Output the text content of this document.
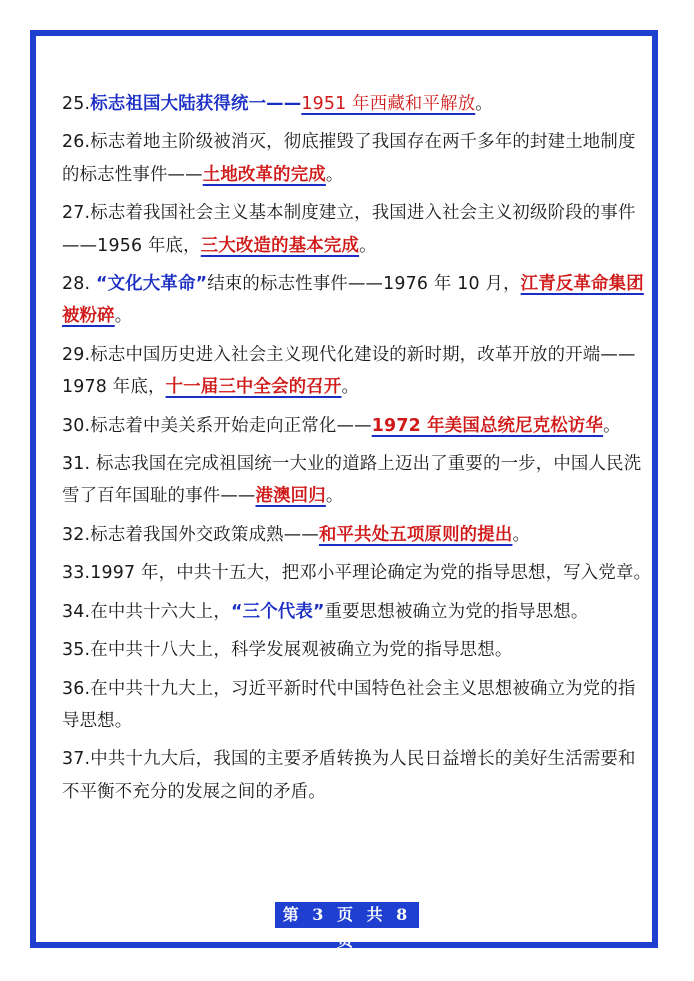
25.标志祖国大陆获得统一——1951 年西藏和平解放。

26.标志着地主阶级被消灭，彻底摧毁了我国存在两千多年的封建土地制度的标志性事件——土地改革的完成。

27.标志着我国社会主义基本制度建立，我国进入社会主义初级阶段的事件——1956 年底，三大改造的基本完成。

28. “文化大革命”结束的标志性事件——1976 年 10 月，江青反革命集团被粉碎。

29.标志中国历史进入社会主义现代化建设的新时期，改革开放的开端——1978 年底，十一届三中全会的召开。

30.标志着中美关系开始走向正常化——1972 年美国总统尼克松访华。

31. 标志我国在完成祖国统一大业的道路上迈出了重要的一步，中国人民洗雪了百年国耻的事件——港澳回归。

32.标志着我国外交政策成熟——和平共处五项原则的提出。

33.1997 年，中共十五大，把邓小平理论确定为党的指导思想，写入党章。

34.在中共十六大上，“三个代表”重要思想被确立为党的指导思想。

35.在中共十八大上，科学发展观被确立为党的指导思想。

36.在中共十九大上，习近平新时代中国特色社会主义思想被确立为党的指导思想。

37.中共十九大后，我国的主要矛盾转换为人民日益增长的美好生活需要和不平衡不充分的发展之间的矛盾。

第 3 页 共 8 页
